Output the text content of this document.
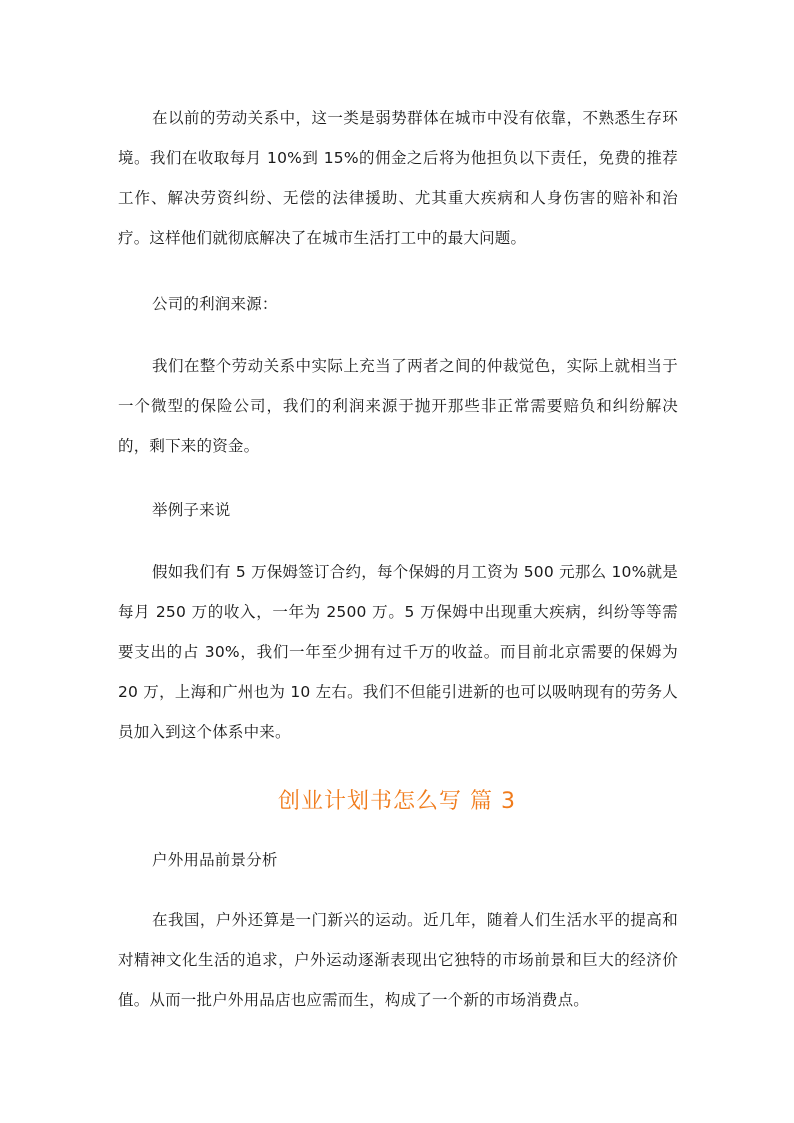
在以前的劳动关系中，这一类是弱势群体在城市中没有依靠，不熟悉生存环境。我们在收取每月 10%到 15%的佣金之后将为他担负以下责任，免费的推荐工作、解决劳资纠纷、无偿的法律援助、尤其重大疾病和人身伤害的赔补和治疗。这样他们就彻底解决了在城市生活打工中的最大问题。

公司的利润来源：

我们在整个劳动关系中实际上充当了两者之间的仲裁觉色，实际上就相当于一个微型的保险公司，我们的利润来源于抛开那些非正常需要赔负和纠纷解决的，剩下来的资金。

举例子来说

假如我们有 5 万保姆签订合约，每个保姆的月工资为 500 元那么 10%就是每月 250 万的收入，一年为 2500 万。5 万保姆中出现重大疾病，纠纷等等需要支出的占 30%，我们一年至少拥有过千万的收益。而目前北京需要的保姆为 20 万，上海和广州也为 10 左右。我们不但能引进新的也可以吸呐现有的劳务人员加入到这个体系中来。

创业计划书怎么写 篇 3

户外用品前景分析

在我国，户外还算是一门新兴的运动。近几年，随着人们生活水平的提高和对精神文化生活的追求，户外运动逐渐表现出它独特的市场前景和巨大的经济价值。从而一批户外用品店也应需而生，构成了一个新的市场消费点。
